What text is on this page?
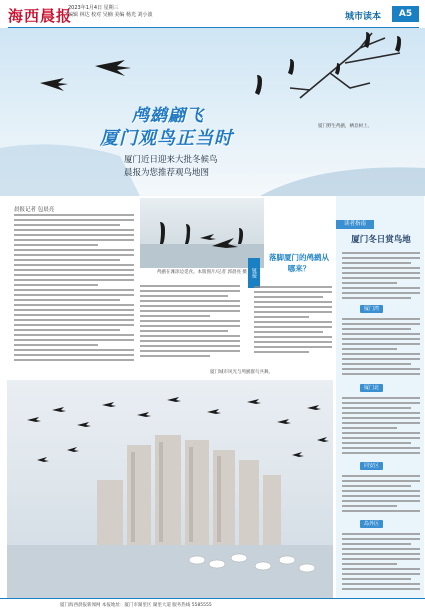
海西晨报
2023年1月4日 星期三
编辑 林达 校对 吴楠 美编 杨光 刘小波	城市读本	A5
鸬鹚翩飞
厦门观鸟正当时
厦门近日迎来大批冬候鸟
晨报为您推荐观鸟地图
厦门野生鸬鹚，栖息树上。
晨报记者 包晨亮
鸬鹚在滩涂边觅食。本版图片/记者 郭晨亮 摄 链接
落脚厦门的鸬鹚从哪来？
读者指南
厦门冬日赏鸟地
厦门湾
厦门北
同安区
岛外区
厦门城市风光与鸬鹚群鸟共舞。
厦门海西晨报新闻网 本报地址：厦门市湖里区 湖里大道 服务热线 5585555
